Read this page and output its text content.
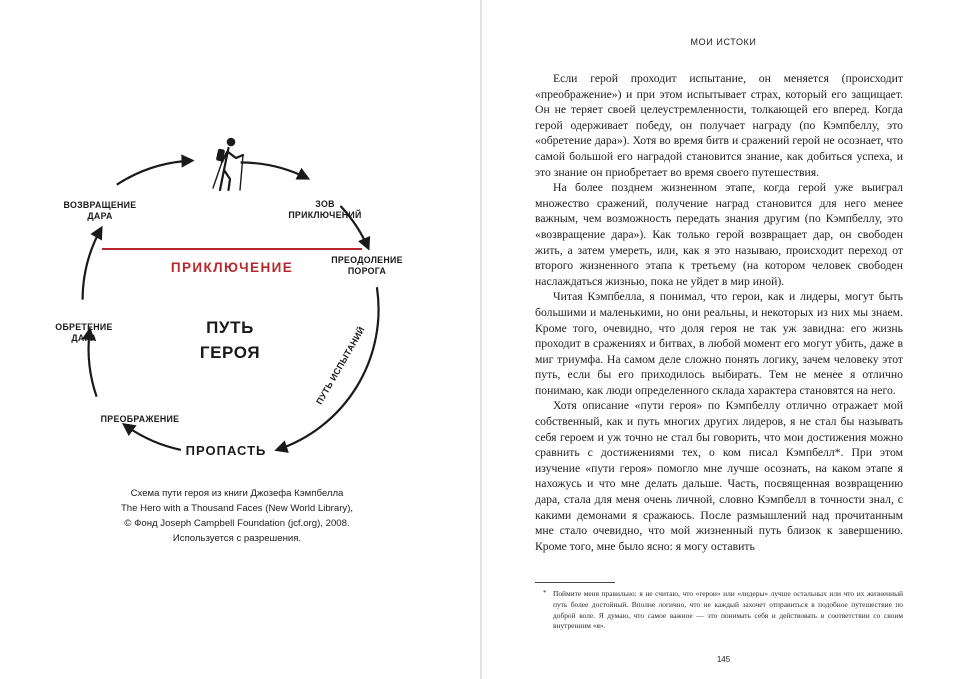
ЗОВ
ПРИКЛЮЧЕНИЙ
ПРЕОДОЛЕНИЕ
ПОРОГА
ВОЗВРАЩЕНИЕ
ДАРА
ОБРЕТЕНИЕ
ДАРА
ПРЕОБРАЖЕНИЕ
ПУТЬ ИСПЫТАНИЙ
ПРОПАСТЬ
ПРИКЛЮЧЕНИЕ
ПУТЬ
ГЕРОЯ
Схема пути героя из книги Джозефа Кэмпбелла
The Hero with a Thousand Faces (New World Library),
© Фонд Joseph Campbell Foundation (jcf.org), 2008.
Используется с разрешения.
МОИ ИСТОКИ

Если герой проходит испытание, он меняется (происходит «преображение») и при этом испытывает страх, который его защищает. Он не теряет своей целеустремленности, толкающей его вперед. Когда герой одерживает победу, он получает награду (по Кэмпбеллу, это «обретение дара»). Хотя во время битв и сражений герой не осознает, что самой большой его наградой становится знание, как добиться успеха, и это знание он приобретает во время своего путешествия.

На более позднем жизненном этапе, когда герой уже выиграл множество сражений, получение наград становится для него менее важным, чем возможность передать знания другим (по Кэмпбеллу, это «возвращение дара»). Как только герой возвращает дар, он свободен жить, а затем умереть, или, как я это называю, происходит переход от второго жизненного этапа к третьему (на котором человек свободен наслаждаться жизнью, пока не уйдет в мир иной).

Читая Кэмпбелла, я понимал, что герои, как и лидеры, могут быть большими и маленькими, но они реальны, и некоторых из них мы знаем. Кроме того, очевидно, что доля героя не так уж завидна: его жизнь проходит в сражениях и битвах, в любой момент его могут убить, даже в миг триумфа. На самом деле сложно понять логику, зачем человеку этот путь, если бы его приходилось выбирать. Тем не менее я отлично понимаю, как люди определенного склада характера становятся на него.

Хотя описание «пути героя» по Кэмпбеллу отлично отражает мой собственный, как и путь многих других лидеров, я не стал бы называть себя героем и уж точно не стал бы говорить, что мои достижения можно сравнить с достижениями тех, о ком писал Кэмпбелл*. При этом изучение «пути героя» помогло мне лучше осознать, на каком этапе я нахожусь и что мне делать дальше. Часть, посвященная возвращению дара, стала для меня очень личной, словно Кэмпбелл в точности знал, с какими демонами я сражаюсь. После размышлений над прочитанным мне стало очевидно, что мой жизненный путь близок к завершению. Кроме того, мне было ясно: я могу оставить

* Поймите меня правильно: я не считаю, что «герои» или «лидеры» лучше остальных или что их жизненный путь более достойный. Вполне логично, что не каждый захочет отправиться в подобное путешествие по доброй воле. Я думаю, что самое важное — это понимать себя и действовать в соответствии со своим внутренним «я».

145
